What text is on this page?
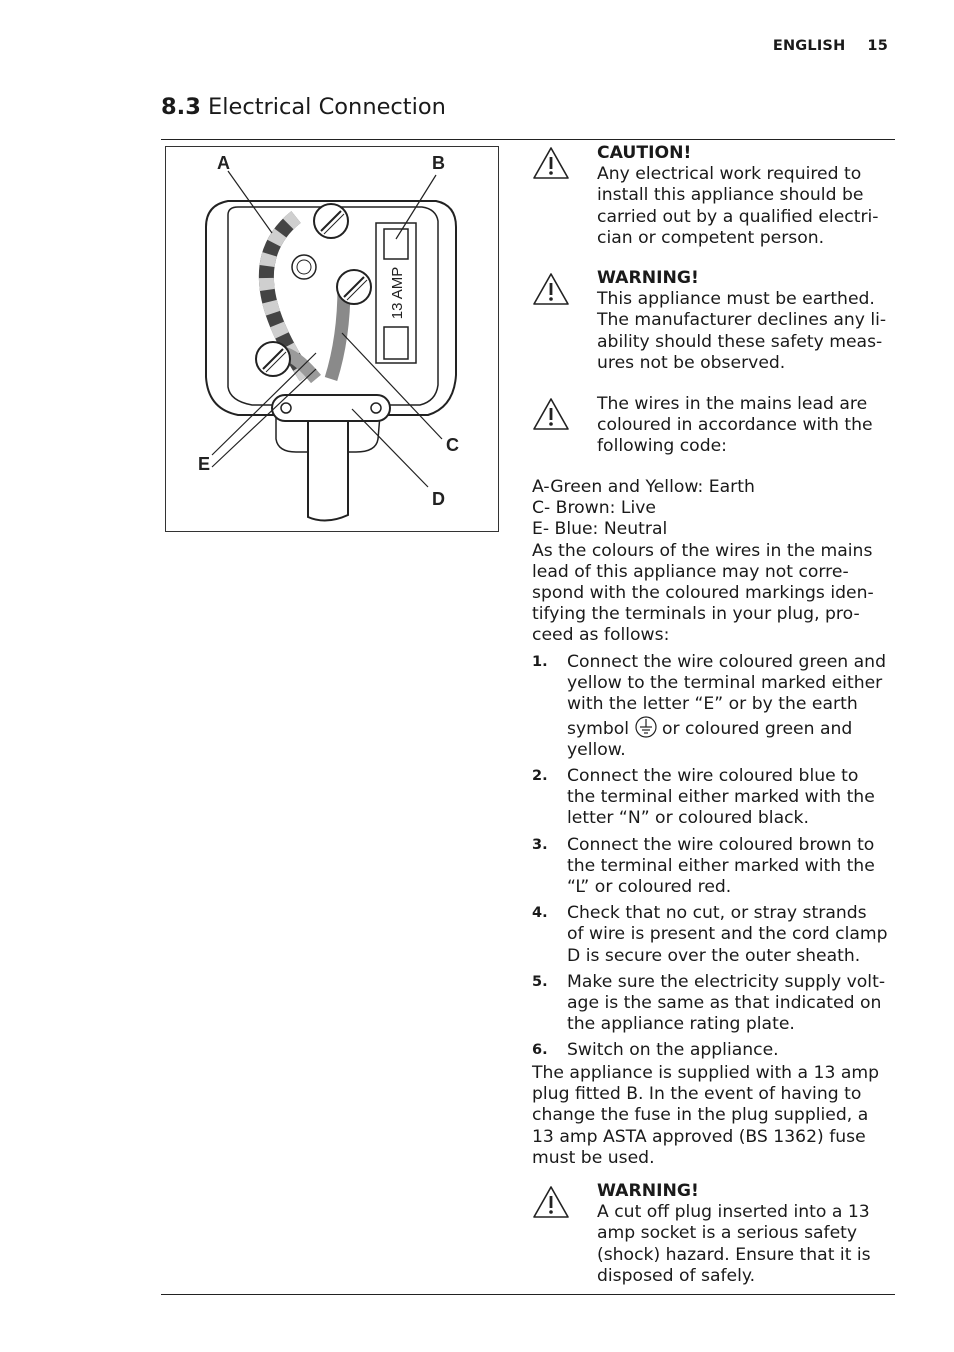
ENGLISH 15
8.3 Electrical Connection
13 AMP
A	B
C
D
E
CAUTION!
Any electrical work required to install this appliance should be carried out by a qualified electri-cian or competent person.
WARNING!
This appliance must be earthed. The manufacturer declines any li-ability should these safety meas-ures not be observed.
The wires in the mains lead are coloured in accordance with the following code:
A-Green and Yellow: Earth
C- Brown: Live
E- Blue: Neutral
As the colours of the wires in the mains lead of this appliance may not corre-spond with the coloured markings iden-tifying the terminals in your plug, pro-ceed as follows:
1. Connect the wire coloured green and yellow to the terminal marked either with the letter “E” or by the earth symbol or coloured green and yellow.
2. Connect the wire coloured blue to the terminal either marked with the letter “N” or coloured black.
3. Connect the wire coloured brown to the terminal either marked with the “L” or coloured red.
4. Check that no cut, or stray strands of wire is present and the cord clamp D is secure over the outer sheath.
5. Make sure the electricity supply volt-age is the same as that indicated on the appliance rating plate.
6. Switch on the appliance.
The appliance is supplied with a 13 amp plug fitted B. In the event of having to change the fuse in the plug supplied, a 13 amp ASTA approved (BS 1362) fuse must be used.
WARNING!
A cut off plug inserted into a 13 amp socket is a serious safety (shock) hazard. Ensure that it is disposed of safely.
